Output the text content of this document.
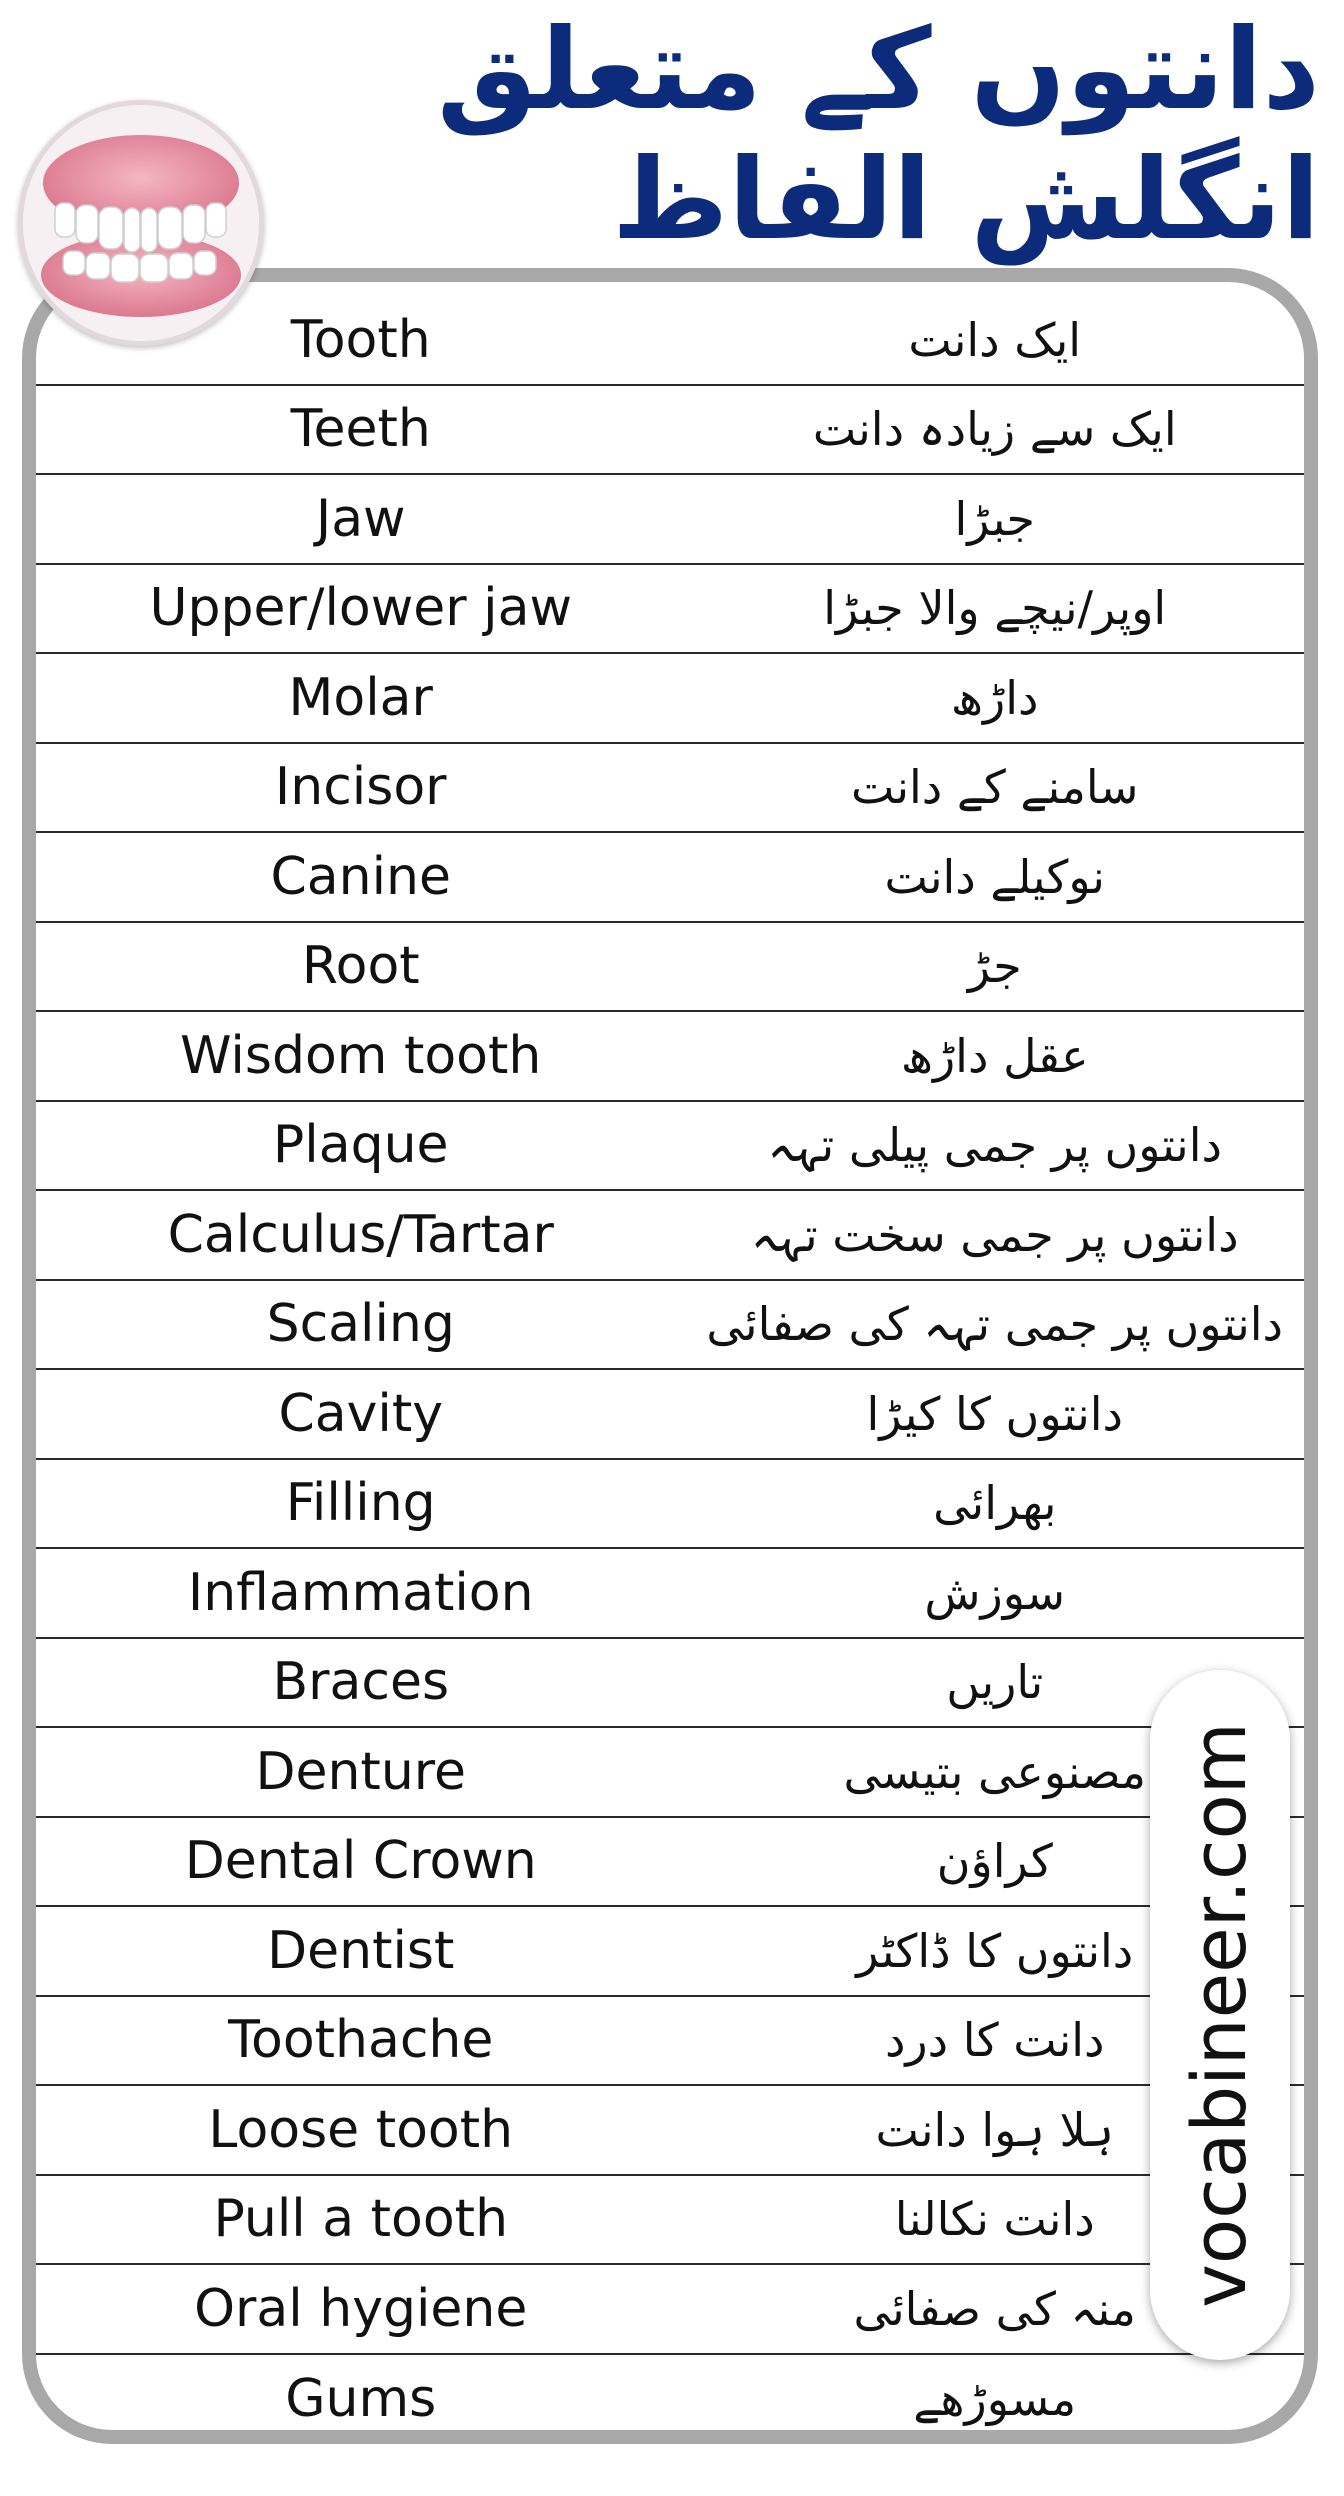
دانتوں کے متعلق انگلش الفاظ
Tooth	ایک دانت
Teeth	ایک سے زیادہ دانت
Jaw	جبڑا
Upper/lower jaw	اوپر/نیچے والا جبڑا
Molar	داڑھ
Incisor	سامنے کے دانت
Canine	نوکیلے دانت
Root	جڑ
Wisdom tooth	عقل داڑھ
Plaque	دانتوں پر جمی پیلی تہہ
Calculus/Tartar	دانتوں پر جمی سخت تہہ
Scaling	دانتوں پر جمی تہہ کی صفائی
Cavity	دانتوں کا کیڑا
Filling	بھرائی
Inflammation	سوزش
Braces	تاریں
Denture	مصنوعی بتیسی
Dental Crown	کراؤن
Dentist	دانتوں کا ڈاکٹر
Toothache	دانت کا درد
Loose tooth	ہلا ہوا دانت
Pull a tooth	دانت نکالنا
Oral hygiene	منہ کی صفائی
Gums	مسوڑھے
vocabineer.com
